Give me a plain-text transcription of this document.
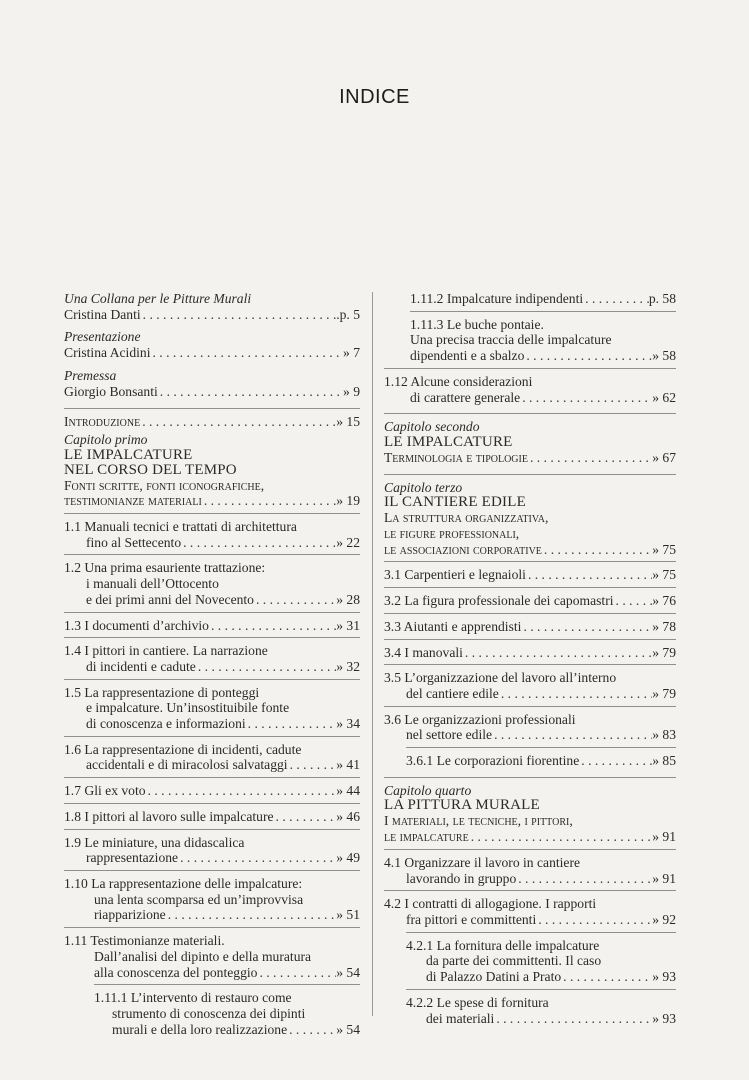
INDICE
Una Collana per le Pitture Murali
Cristina Danti . . .	.p. 5
Presentazione
Cristina Acidini . . .	» 7
Premessa
Giorgio Bonsanti . . .	» 9
Introduzione . . .	» 15
Capitolo primo
LE IMPALCATURE
NEL CORSO DEL TEMPO
Fonti scritte, fonti iconografiche,
testimonianze materiali . . .	» 19
1.1 Manuali tecnici e trattati di architettura
fino al Settecento . . .	» 22
1.2 Una prima esauriente trattazione:
i manuali dell’Ottocento
e dei primi anni del Novecento . . .	» 28
1.3 I documenti d’archivio . . .	» 31
1.4 I pittori in cantiere. La narrazione
di incidenti e cadute . . .	» 32
1.5 La rappresentazione di ponteggi
e impalcature. Un’insostituibile fonte
di conoscenza e informazioni . . .	» 34
1.6 La rappresentazione di incidenti, cadute
accidentali e di miracolosi salvataggi . . .	» 41
1.7 Gli ex voto . . .	» 44
1.8 I pittori al lavoro sulle impalcature . . .	» 46
1.9 Le miniature, una didascalica
rappresentazione . . .	» 49
1.10 La rappresentazione delle impalcature:
una lenta scomparsa ed un’improvvisa
riapparizione . . .	» 51
1.11 Testimonianze materiali.
Dall’analisi del dipinto e della muratura
alla conoscenza del ponteggio . . .	» 54
1.11.1 L’intervento di restauro come
strumento di conoscenza dei dipinti
murali e della loro realizzazione . . .	» 54
1.11.2 Impalcature indipendenti . . .	p. 58
1.11.3 Le buche pontaie.
Una precisa traccia delle impalcature
dipendenti e a sbalzo . . .	» 58
1.12 Alcune considerazioni
di carattere generale . . .	» 62
Capitolo secondo
LE IMPALCATURE
Terminologia e tipologie . . .	» 67
Capitolo terzo
IL CANTIERE EDILE
La struttura organizzativa,
le figure professionali,
le associazioni corporative . . .	» 75
3.1 Carpentieri e legnaioli . . .	» 75
3.2 La figura professionale dei capomastri . . .	» 76
3.3 Aiutanti e apprendisti . . .	» 78
3.4 I manovali . . .	» 79
3.5 L’organizzazione del lavoro all’interno
del cantiere edile . . .	» 79
3.6 Le organizzazioni professionali
nel settore edile . . .	» 83
3.6.1 Le corporazioni fiorentine . . .	» 85
Capitolo quarto
LA PITTURA MURALE
I materiali, le tecniche, i pittori,
le impalcature . . .	» 91
4.1 Organizzare il lavoro in cantiere
lavorando in gruppo . . .	» 91
4.2 I contratti di allogagione. I rapporti
fra pittori e committenti . . .	» 92
4.2.1 La fornitura delle impalcature
da parte dei committenti. Il caso
di Palazzo Datini a Prato . . .	» 93
4.2.2 Le spese di fornitura
dei materiali . . .	» 93
